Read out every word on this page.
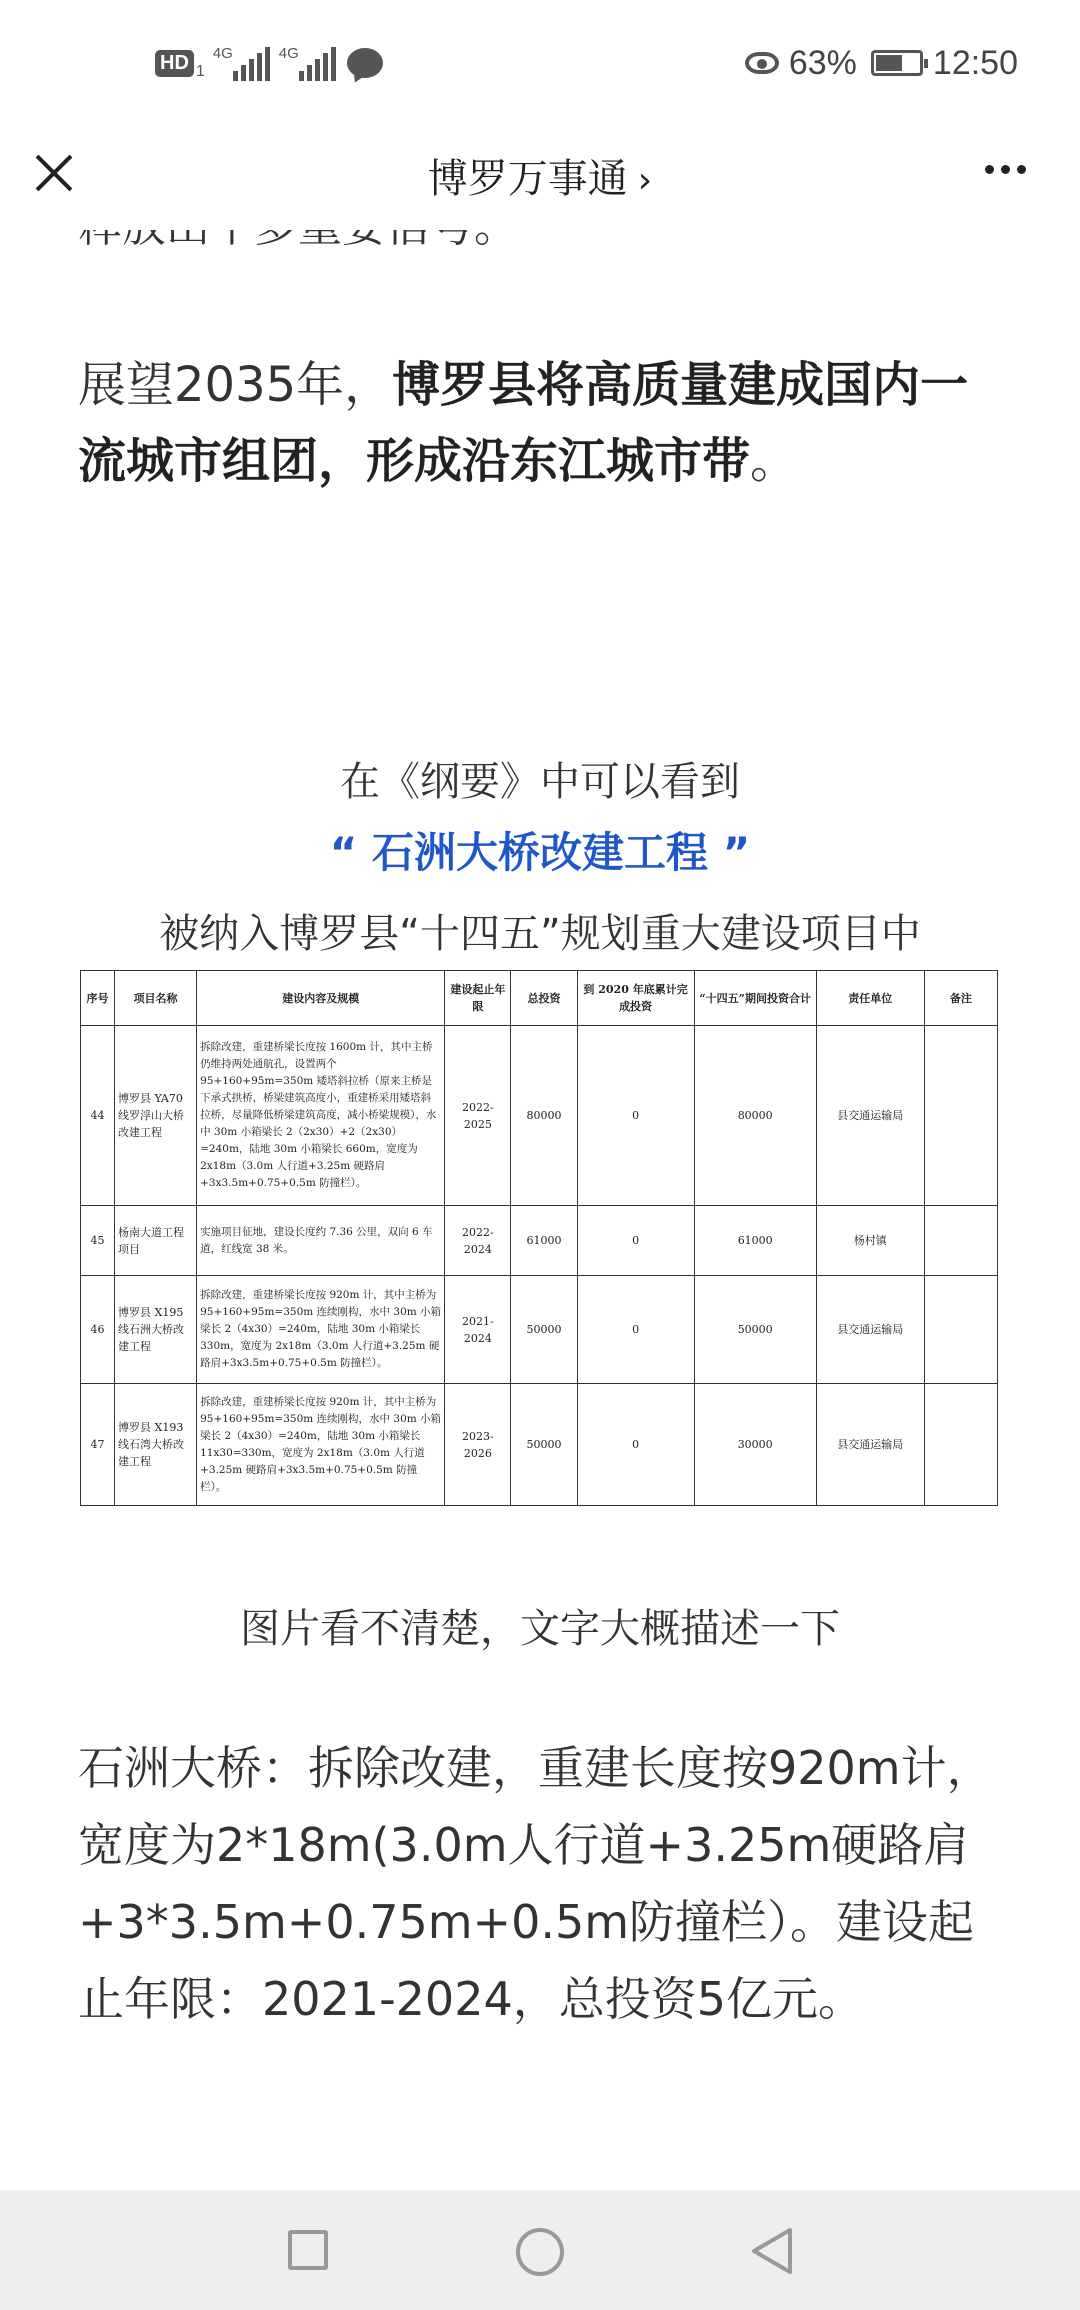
HD 1
4G	4G	63% 12:50
博罗万事通 ›
展望2035年，博罗县将高质量建成国内一流城市组团，形成沿东江城市带。
在《纲要》中可以看到
“ 石洲大桥改建工程 ”
被纳入博罗县“十四五”规划重大建设项目中
序号	项目名称	建设内容及规模	建设起止年限	总投资	到 2020 年底累计完成投资	“十四五”期间投资合计	责任单位	备注
44	博罗县 YA70 线罗浮山大桥改建工程	拆除改建，重建桥梁长度按 1600m 计，其中主桥仍维持两处通航孔，设置两个95+160+95m=350m 矮塔斜拉桥（原来主桥是下承式拱桥，桥梁建筑高度小，重建桥采用矮塔斜拉桥，尽量降低桥梁建筑高度，减小桥梁规模），水中 30m 小箱梁长 2（2x30）+2（2x30）=240m，陆地 30m 小箱梁长 660m，宽度为 2x18m（3.0m 人行道+3.25m 硬路肩+3x3.5m+0.75+0.5m 防撞栏）。	2022-2025	80000	0	80000	县交通运输局	
45	杨南大道工程项目	实施项目征地，建设长度约 7.36 公里，双向 6 车道，红线宽 38 米。	2022-2024	61000	0	61000	杨村镇	
46	博罗县 X195 线石洲大桥改建工程	拆除改建，重建桥梁长度按 920m 计，其中主桥为 95+160+95m=350m 连续刚构，水中 30m 小箱梁长 2（4x30）=240m，陆地 30m 小箱梁长 330m，宽度为 2x18m（3.0m 人行道+3.25m 硬路肩+3x3.5m+0.75+0.5m 防撞栏）。	2021-2024	50000	0	50000	县交通运输局	
47	博罗县 X193 线石湾大桥改建工程	拆除改建，重建桥梁长度按 920m 计，其中主桥为 95+160+95m=350m 连续刚构，水中 30m 小箱梁长 2（4x30）=240m，陆地 30m 小箱梁长 11x30=330m，宽度为 2x18m（3.0m 人行道+3.25m 硬路肩+3x3.5m+0.75+0.5m 防撞栏）。	2023-2026	50000	0	30000	县交通运输局	
图片看不清楚，文字大概描述一下
石洲大桥：拆除改建，重建长度按920m计，宽度为2*18m(3.0m人行道+3.25m硬路肩+3*3.5m+0.75m+0.5m防撞栏）。建设起止年限：2021-2024，总投资5亿元。
